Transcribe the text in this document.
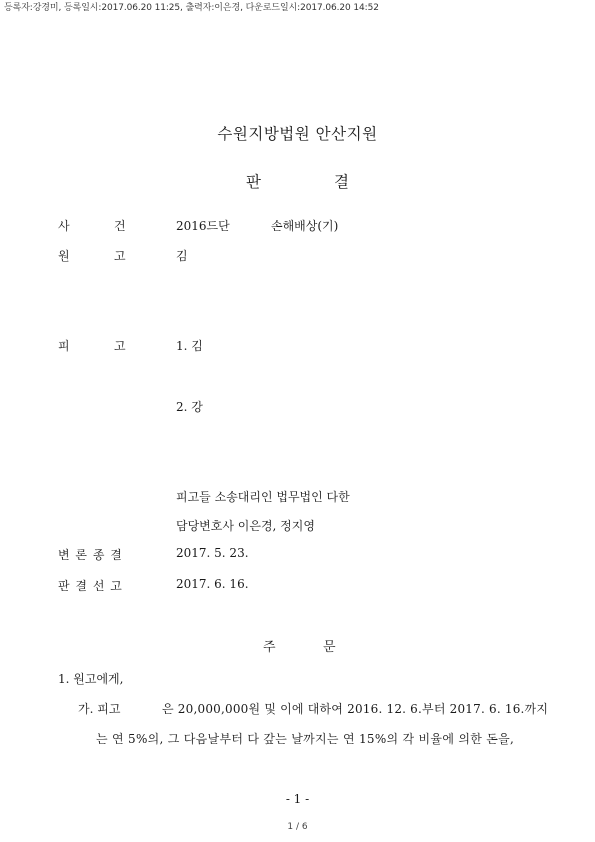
등록자:강경미, 등록일시:2017.06.20 11:25, 출력자:이은경, 다운로드일시:2017.06.20 14:52
수원지방법원 안산지원
판	결
사	건	2016드단	손해배상(기)
원	고	김
피	고	1. 김
2. 강
피고들 소송대리인 법무법인 다한
담당변호사 이은경, 정지영
변 론 종 결	2017. 5. 23.
판 결 선 고	2017. 6. 16.
주	문
1. 원고에게,
가. 피고	은 20,000,000원 및 이에 대하여 2016. 12. 6.부터 2017. 6. 16.까지
는 연 5%의, 그 다음날부터 다 갚는 날까지는 연 15%의 각 비율에 의한 돈을,
- 1 -
1 / 6
